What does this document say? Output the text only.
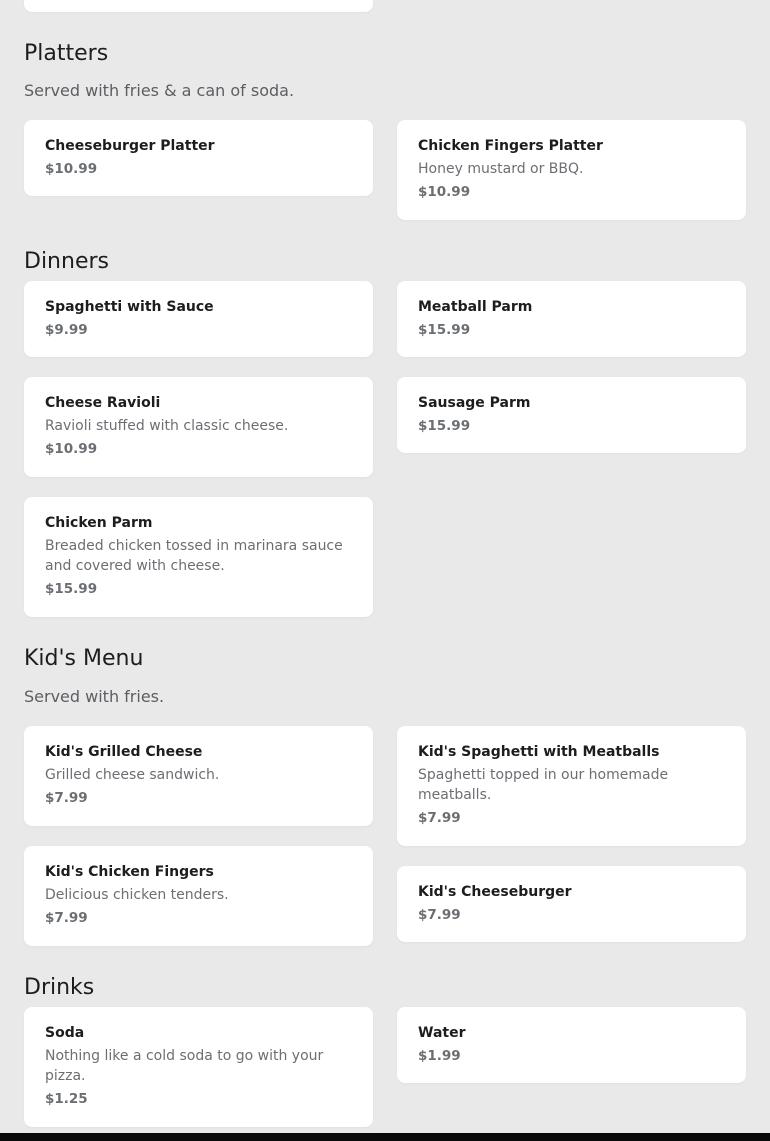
Platters
Served with fries & a can of soda.
Cheeseburger Platter
$10.99
Chicken Fingers Platter
Honey mustard or BBQ.
$10.99
Dinners
Spaghetti with Sauce
$9.99
Meatball Parm
$15.99
Cheese Ravioli
Ravioli stuffed with classic cheese.
$10.99
Sausage Parm
$15.99
Chicken Parm
Breaded chicken tossed in marinara sauce and covered with cheese.
$15.99
Kid's Menu
Served with fries.
Kid's Grilled Cheese
Grilled cheese sandwich.
$7.99
Kid's Spaghetti with Meatballs
Spaghetti topped in our homemade meatballs.
$7.99
Kid's Chicken Fingers
Delicious chicken tenders.
$7.99
Kid's Cheeseburger
$7.99
Drinks
Soda
Nothing like a cold soda to go with your pizza.
$1.25
Water
$1.99
